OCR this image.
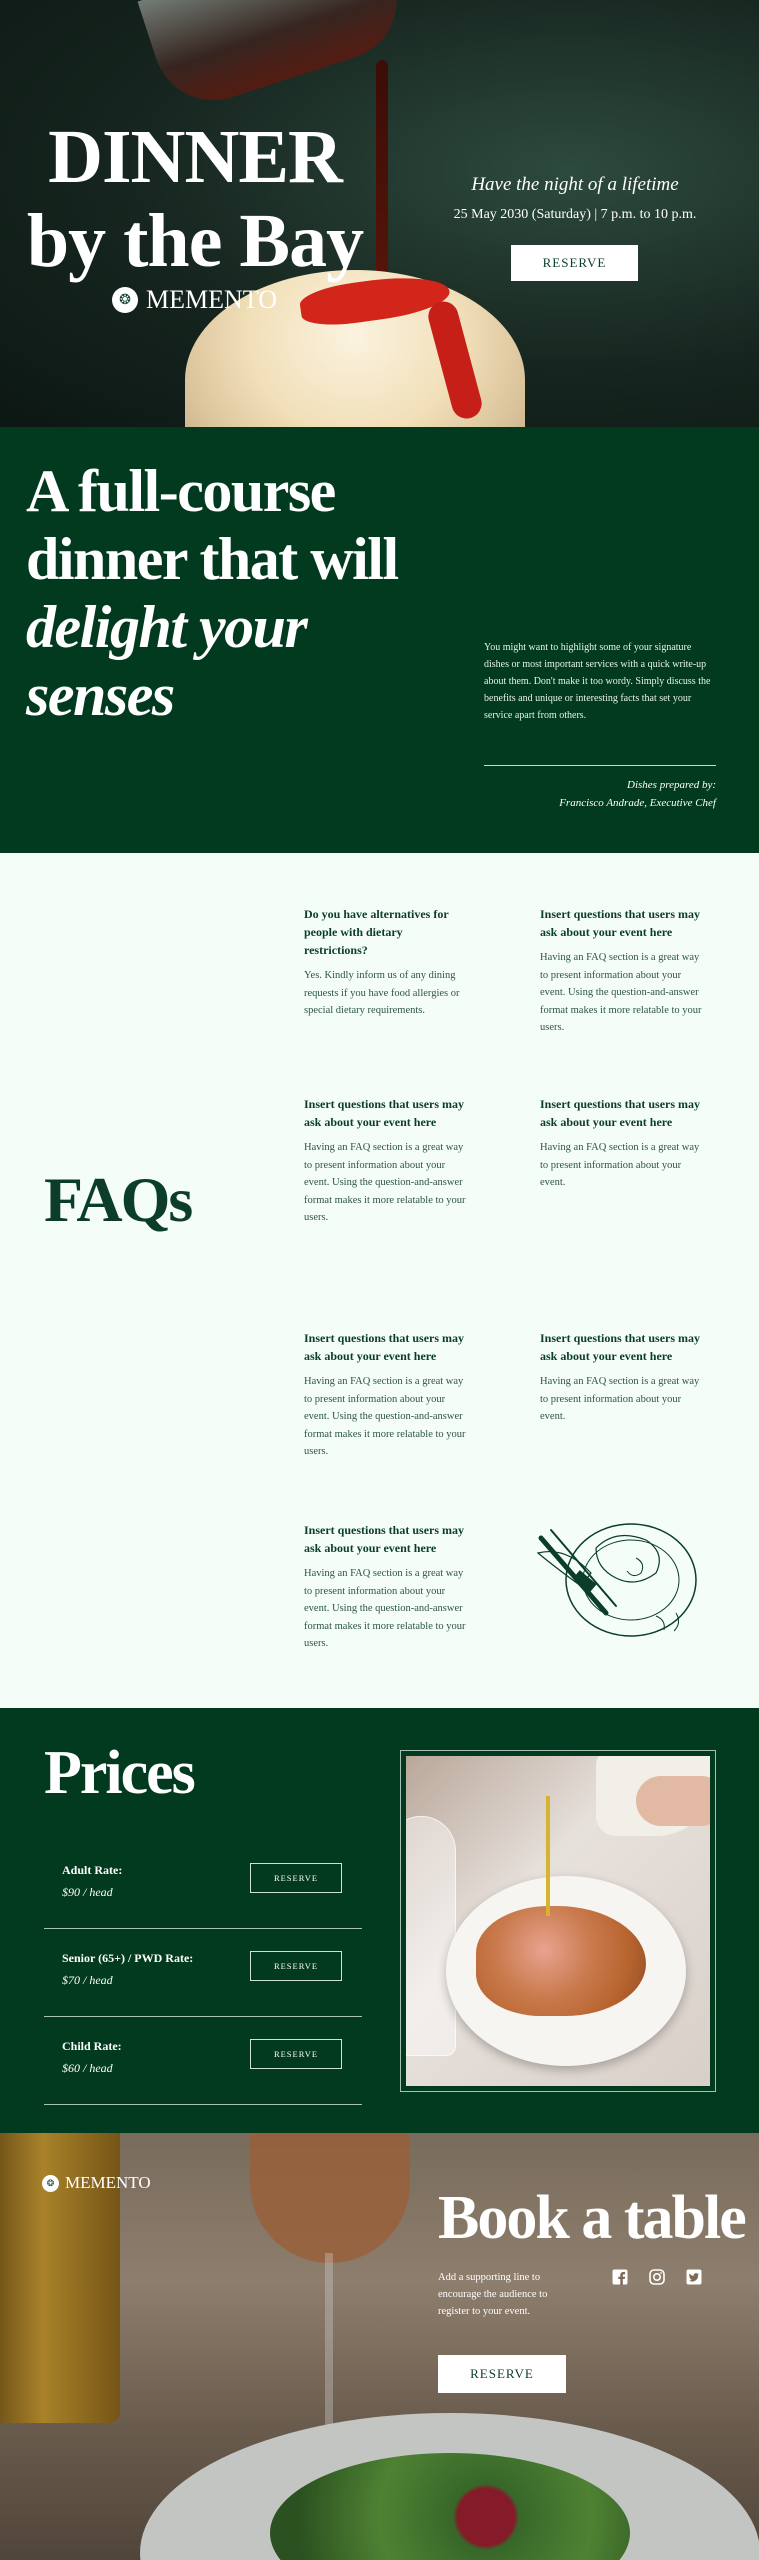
DINNER
by the Bay
❂ MEMENTO
Have the night of a lifetime
25 May 2030 (Saturday) | 7 p.m. to 10 p.m.
RESERVE
A full-course
dinner that will
delight your
senses

You might want to highlight some of your signature dishes or most important services with a quick write-up about them. Don't make it too wordy. Simply discuss the benefits and unique or interesting facts that set your service apart from others.

Dishes prepared by:
Francisco Andrade, Executive Chef
FAQs
Do you have alternatives for people with dietary restrictions?
Yes. Kindly inform us of any dining requests if you have food allergies or special dietary requirements.
Insert questions that users may ask about your event here
Having an FAQ section is a great way to present information about your event. Using the question-and-answer format makes it more relatable to your users.
Insert questions that users may ask about your event here
Having an FAQ section is a great way to present information about your event. Using the question-and-answer format makes it more relatable to your users.
Insert questions that users may ask about your event here
Having an FAQ section is a great way to present information about your event.
Insert questions that users may ask about your event here
Having an FAQ section is a great way to present information about your event. Using the question-and-answer format makes it more relatable to your users.
Insert questions that users may ask about your event here
Having an FAQ section is a great way to present information about your event.
Insert questions that users may ask about your event here
Having an FAQ section is a great way to present information about your event. Using the question-and-answer format makes it more relatable to your users.
Prices
Adult Rate:
$90 / head
RESERVE
Senior (65+) / PWD Rate:
$70 / head
RESERVE
Child Rate:
$60 / head
RESERVE
❂ MEMENTO
Book a table

Add a supporting line to encourage the audience to register to your event.

RESERVE
